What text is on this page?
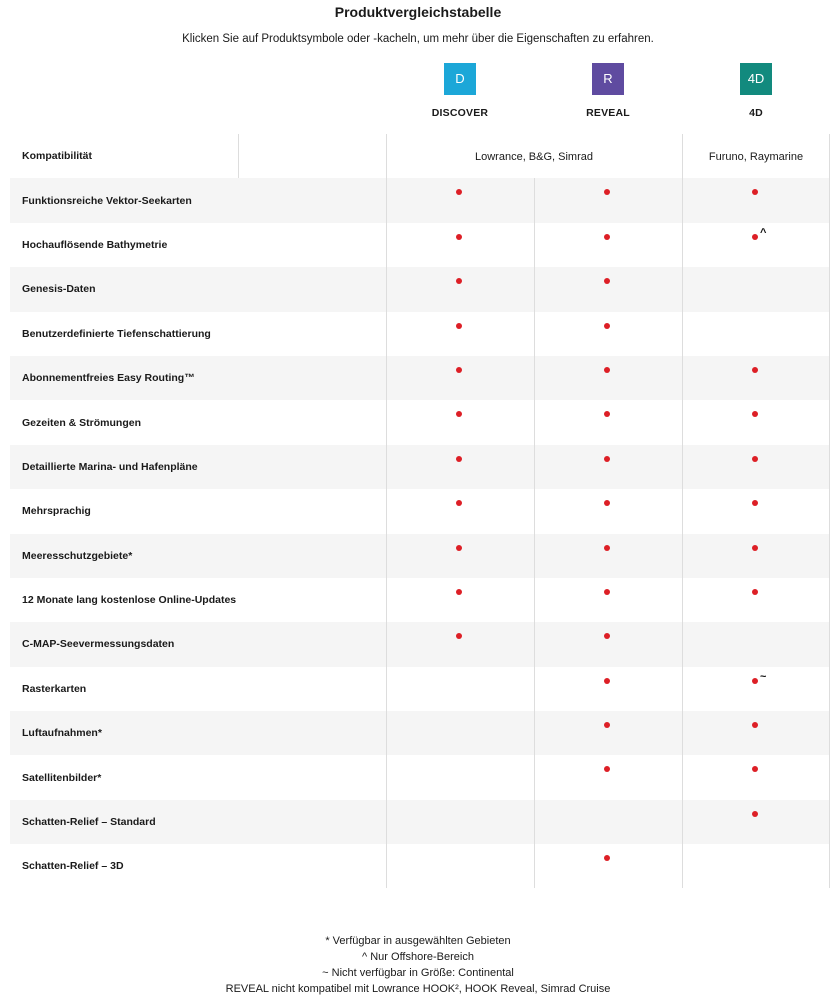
Produktvergleichstabelle
Klicken Sie auf Produktsymbole oder -kacheln, um mehr über die Eigenschaften zu erfahren.
D
DISCOVER
R
REVEAL
4D
4D
Kompatibilität	Lowrance, B&G, Simrad	Furuno, Raymarine
Funktionsreiche Vektor-Seekarten
Hochauflösende Bathymetrie
^
Genesis-Daten
Benutzerdefinierte Tiefenschattierung
Abonnementfreies Easy Routing™
Gezeiten & Strömungen
Detaillierte Marina- und Hafenpläne
Mehrsprachig
Meeresschutzgebiete*
12 Monate lang kostenlose Online-Updates
C-MAP-Seevermessungsdaten
Rasterkarten
~
Luftaufnahmen*
Satellitenbilder*
Schatten-Relief – Standard
Schatten-Relief – 3D
* Verfügbar in ausgewählten Gebieten
^ Nur Offshore-Bereich
~ Nicht verfügbar in Größe: Continental
REVEAL nicht kompatibel mit Lowrance HOOK², HOOK Reveal, Simrad Cruise
